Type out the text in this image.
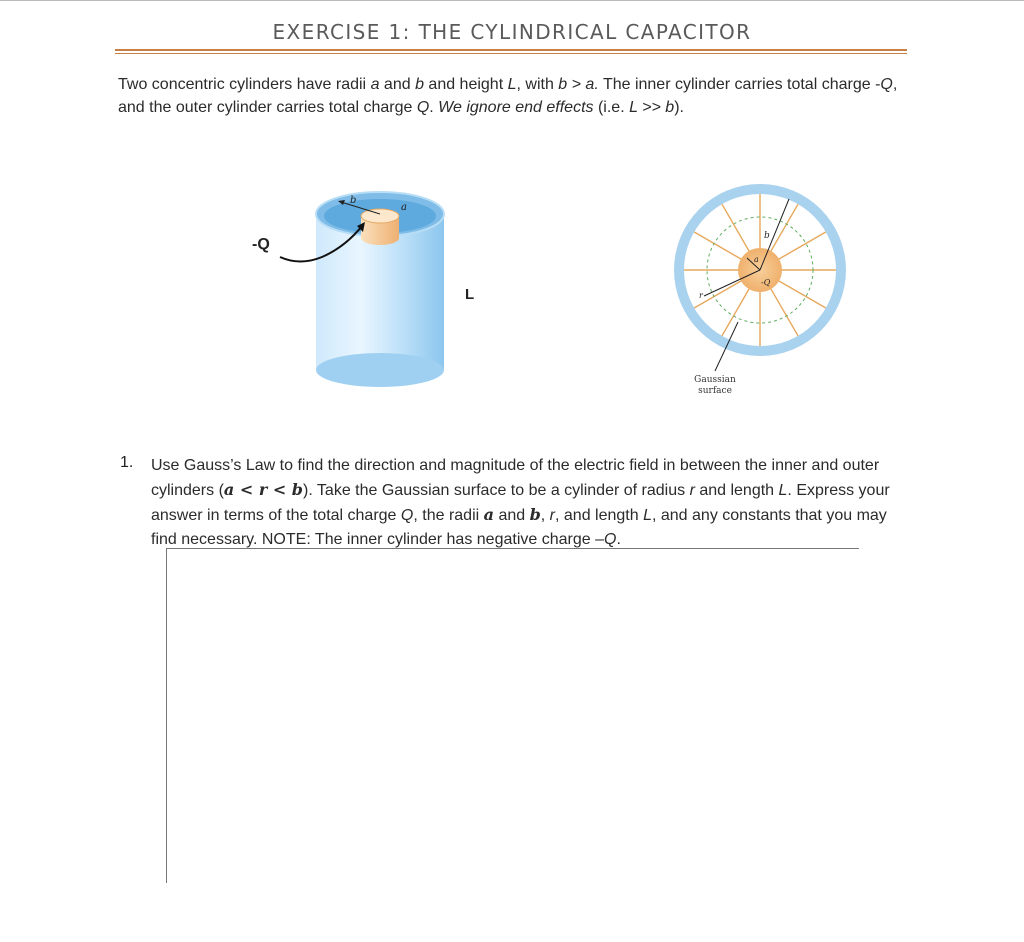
EXERCISE 1: THE CYLINDRICAL CAPACITOR
Two concentric cylinders have radii a and b and height L, with b > a. The inner cylinder carries total charge -Q, and the outer cylinder carries total charge Q. We ignore end effects (i.e. L >> b).
b
a
-Q
L
b
a
-Q
r
Gaussian
surface
1. Use Gauss’s Law to find the direction and magnitude of the electric field in between the inner and outer cylinders (a < r < b). Take the Gaussian surface to be a cylinder of radius r and length L. Express your answer in terms of the total charge Q, the radii a and b, r, and length L, and any constants that you may find necessary. NOTE: The inner cylinder has negative charge –Q.
